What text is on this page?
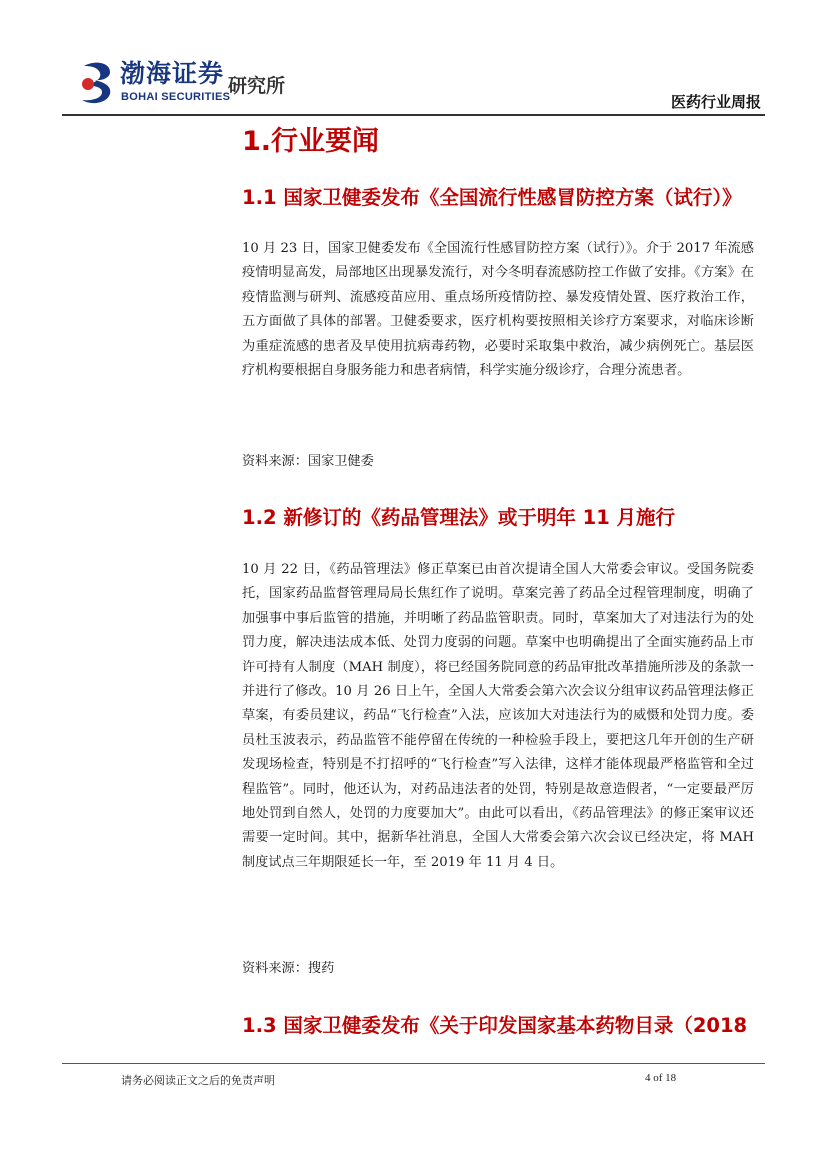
渤海证券
BOHAI SECURITIES
研究所
医药行业周报
1.行业要闻
1.1 国家卫健委发布《全国流行性感冒防控方案（试行）》

10 月 23 日，国家卫健委发布《全国流行性感冒防控方案（试行）》。介于 2017 年流感疫情明显高发，局部地区出现暴发流行，对今冬明春流感防控工作做了安排。《方案》在疫情监测与研判、流感疫苗应用、重点场所疫情防控、暴发疫情处置、医疗救治工作，五方面做了具体的部署。卫健委要求，医疗机构要按照相关诊疗方案要求，对临床诊断为重症流感的患者及早使用抗病毒药物，必要时采取集中救治，减少病例死亡。基层医疗机构要根据自身服务能力和患者病情，科学实施分级诊疗，合理分流患者。

资料来源：国家卫健委

1.2 新修订的《药品管理法》或于明年 11 月施行

10 月 22 日，《药品管理法》修正草案已由首次提请全国人大常委会审议。受国务院委托，国家药品监督管理局局长焦红作了说明。草案完善了药品全过程管理制度，明确了加强事中事后监管的措施，并明晰了药品监管职责。同时，草案加大了对违法行为的处罚力度，解决违法成本低、处罚力度弱的问题。草案中也明确提出了全面实施药品上市许可持有人制度（MAH 制度），将已经国务院同意的药品审批改革措施所涉及的条款一并进行了修改。10 月 26 日上午，全国人大常委会第六次会议分组审议药品管理法修正草案，有委员建议，药品“飞行检查”入法，应该加大对违法行为的威慑和处罚力度。委员杜玉波表示，药品监管不能停留在传统的一种检验手段上，要把这几年开创的生产研发现场检查，特别是不打招呼的“飞行检查”写入法律，这样才能体现最严格监管和全过程监管”。同时，他还认为，对药品违法者的处罚，特别是故意造假者，“一定要最严厉地处罚到自然人，处罚的力度要加大”。由此可以看出，《药品管理法》的修正案审议还需要一定时间。其中，据新华社消息，全国人大常委会第六次会议已经决定，将 MAH 制度试点三年期限延长一年，至 2019 年 11 月 4 日。

资料来源：搜药

1.3 国家卫健委发布《关于印发国家基本药物目录（2018
请务必阅读正文之后的免责声明	4 of 18
